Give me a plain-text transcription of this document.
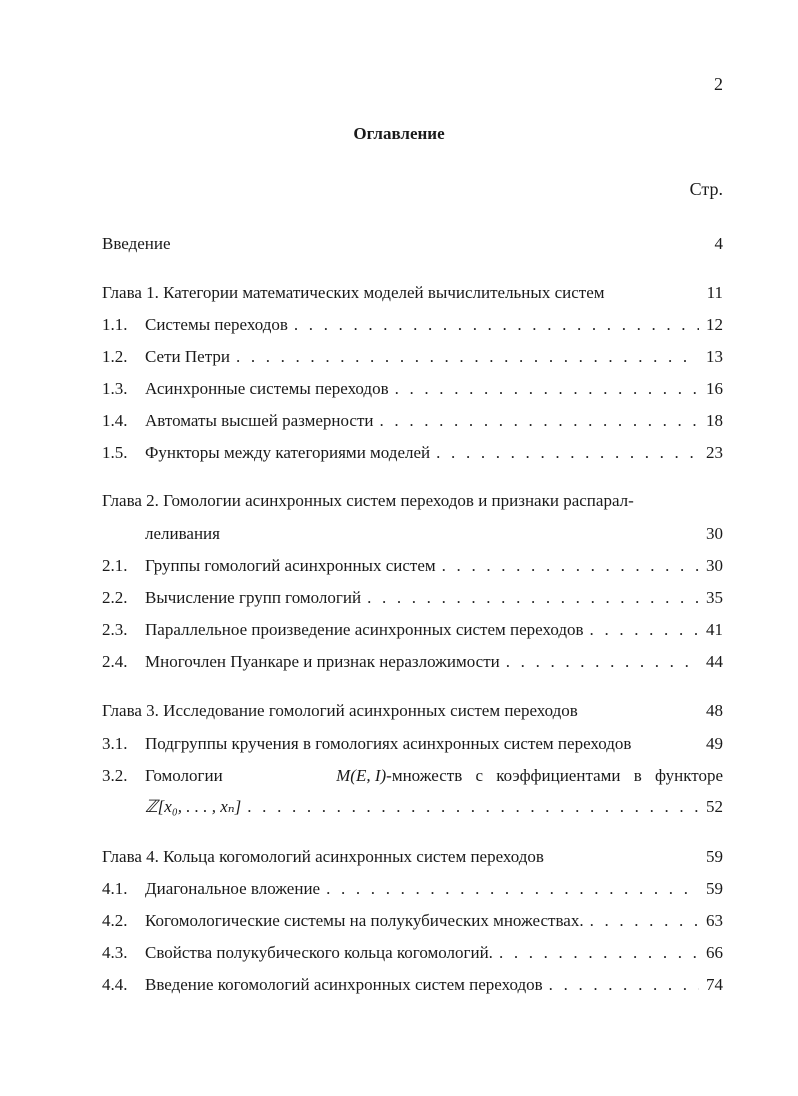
2
Оглавление
Стр.
Введение	4
Глава 1. Категории математических моделей вычислительных систем	11
1.1.	Системы переходов . . .	12
1.2.	Сети Петри . . .	13
1.3.	Асинхронные системы переходов . . .	16
1.4.	Автоматы высшей размерности . . .	18
1.5.	Функторы между категориями моделей . . .	23
Глава 2. Гомологии асинхронных систем переходов и признаки распарал-
леливания	30
2.1.	Группы гомологий асинхронных систем . . .	30
2.2.	Вычисление групп гомологий . . .	35
2.3.	Параллельное произведение асинхронных систем переходов . . .	41
2.4.	Многочлен Пуанкаре и признак неразложимости . . .	44
Глава 3. Исследование гомологий асинхронных систем переходов	48
3.1.	Подгруппы кручения в гомологиях асинхронных систем переходов	49
3.2.	Гомологии	M(E, I)-множеств с коэффициентами в функторе
ℤ[x₀, . . . , xₙ] . . .	52
Глава 4. Кольца когомологий асинхронных систем переходов	59
4.1.	Диагональное вложение . . .	59
4.2.	Когомологические системы на полукубических множествах. . . .	63
4.3.	Свойства полукубического кольца когомологий. . . .	66
4.4.	Введение когомологий асинхронных систем переходов . . .	74
